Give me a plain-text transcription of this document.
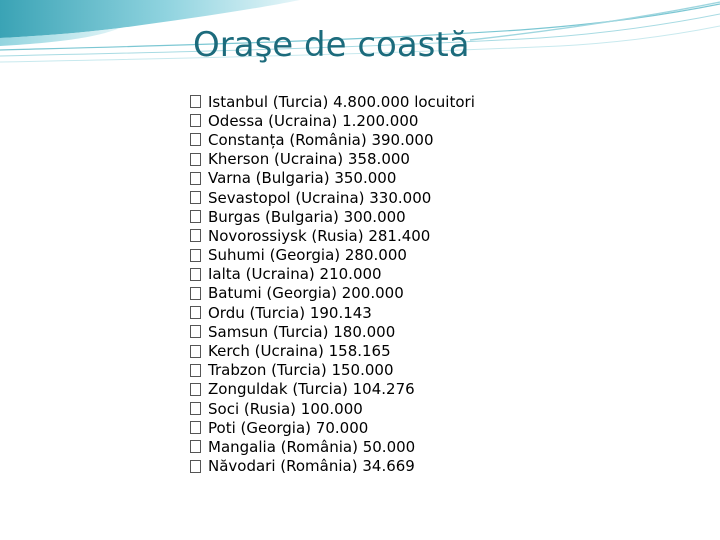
Oraşe de coastă
Istanbul (Turcia) 4.800.000 locuitori
Odessa (Ucraina) 1.200.000
Constanța (România) 390.000
Kherson (Ucraina) 358.000
Varna (Bulgaria) 350.000
Sevastopol (Ucraina) 330.000
Burgas (Bulgaria) 300.000
Novorossiysk (Rusia) 281.400
Suhumi (Georgia) 280.000
Ialta (Ucraina) 210.000
Batumi (Georgia) 200.000
Ordu (Turcia) 190.143
Samsun (Turcia) 180.000
Kerch (Ucraina) 158.165
Trabzon (Turcia) 150.000
Zonguldak (Turcia) 104.276
Soci (Rusia) 100.000
Poti (Georgia) 70.000
Mangalia (România) 50.000
Năvodari (România) 34.669
